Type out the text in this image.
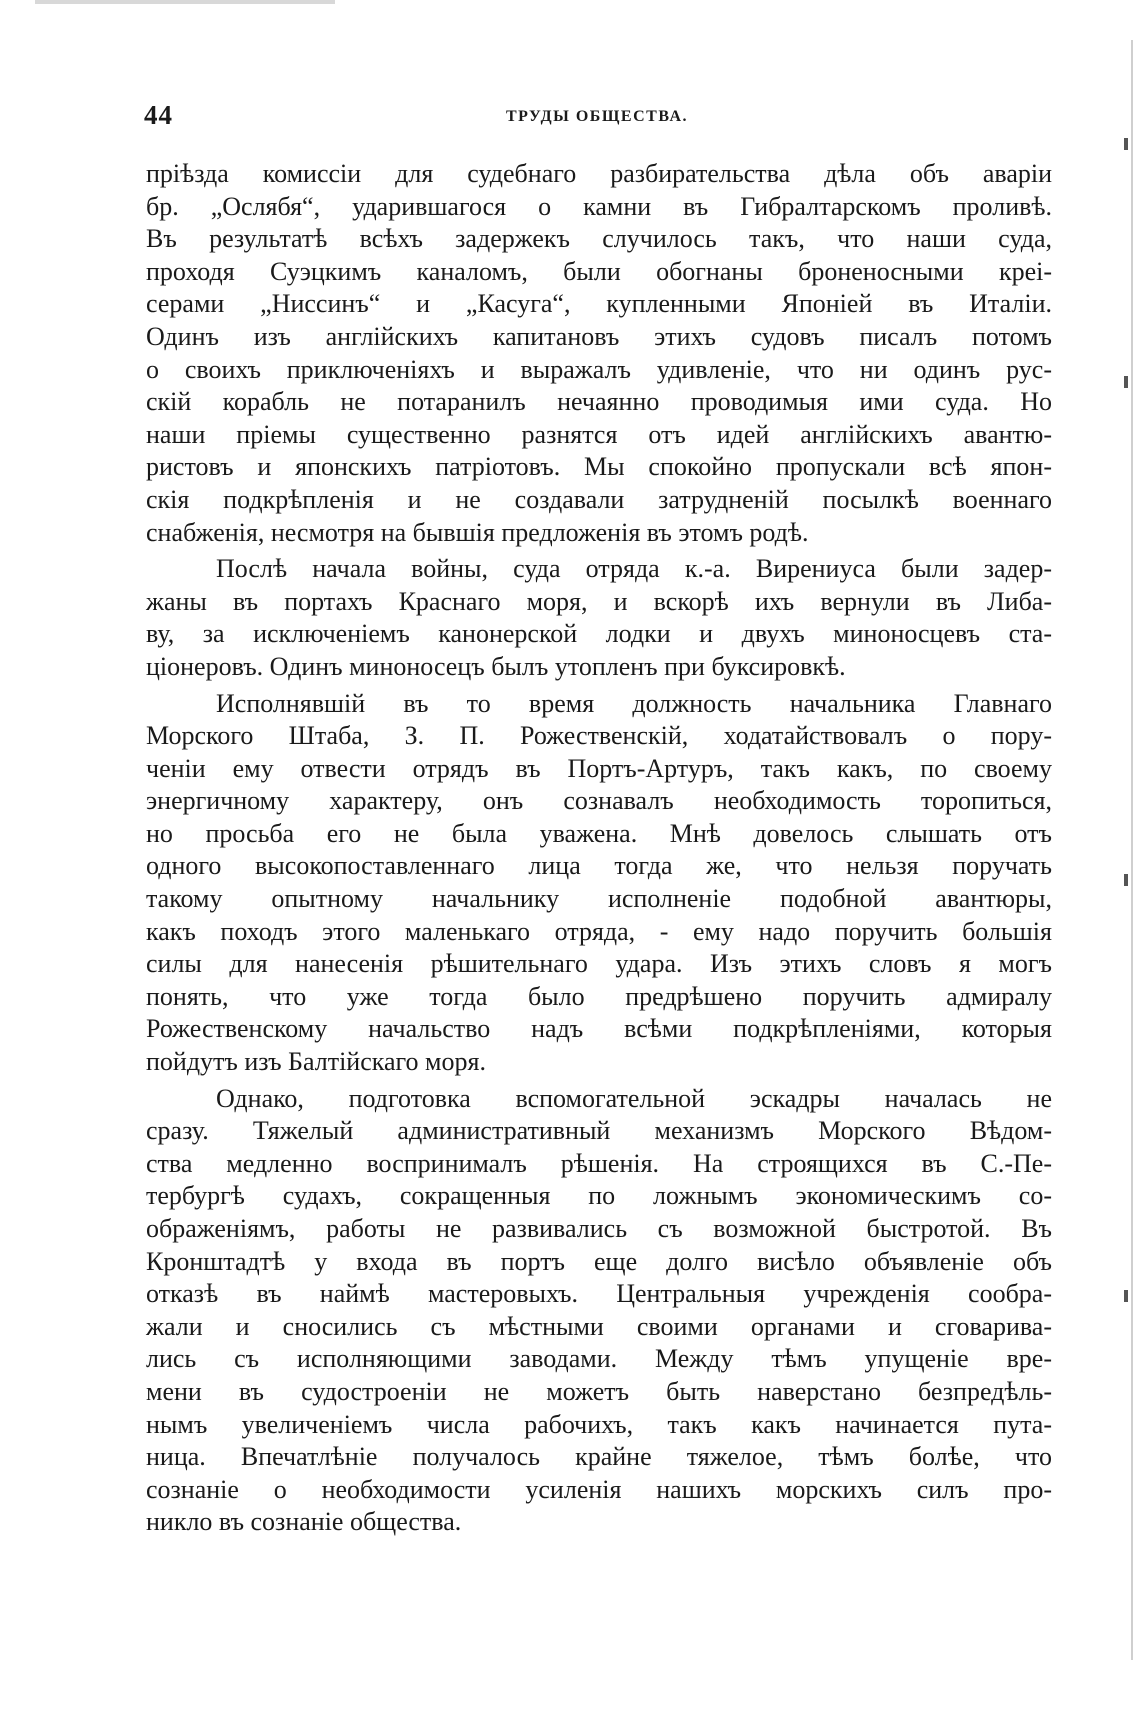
44	ТРУДЫ ОБЩЕСТВА.
пріѣзда комиссіи для судебнаго разбирательства дѣла объ аваріи
бр. „Ослябя“, ударившагося о камни въ Гибралтарскомъ проливѣ.
Въ результатѣ всѣхъ задержекъ случилось такъ, что наши суда,
проходя Суэцкимъ каналомъ, были обогнаны броненосными креі-
серами „Ниссинъ“ и „Касуга“, купленными Японіей въ Италіи.
Одинъ изъ англійскихъ капитановъ этихъ судовъ писалъ потомъ
о своихъ приключеніяхъ и выражалъ удивленіе, что ни одинъ рус-
скій корабль не потаранилъ нечаянно проводимыя ими суда. Но
наши пріемы существенно разнятся отъ идей англійскихъ авантю-
ристовъ и японскихъ патріотовъ. Мы спокойно пропускали всѣ япон-
скія подкрѣпленія и не создавали затрудненій посылкѣ военнаго
снабженія, несмотря на бывшія предложенія въ этомъ родѣ.
Послѣ начала войны, суда отряда к.-а. Вирениуса были задер-
жаны въ портахъ Краснаго моря, и вскорѣ ихъ вернули въ Либа-
ву, за исключеніемъ канонерской лодки и двухъ миноносцевъ ста-
ціонеровъ. Одинъ миноносецъ былъ утопленъ при буксировкѣ.
Исполнявшій въ то время должность начальника Главнаго
Морского Штаба, З. П. Рожественскій, ходатайствовалъ о пору-
ченіи ему отвести отрядъ въ Портъ-Артуръ, такъ какъ, по своему
энергичному характеру, онъ сознавалъ необходимость торопиться,
но просьба его не была уважена. Мнѣ довелось слышать отъ
одного высокопоставленнаго лица тогда же, что нельзя поручать
такому опытному начальнику исполненіе подобной авантюры,
какъ походъ этого маленькаго отряда, - ему надо поручить большія
силы для нанесенія рѣшительнаго удара. Изъ этихъ словъ я могъ
понять, что уже тогда было предрѣшено поручить адмиралу
Рожественскому начальство надъ всѣми подкрѣпленіями, которыя
пойдутъ изъ Балтійскаго моря.
Однако, подготовка вспомогательной эскадры началась не
сразу. Тяжелый административный механизмъ Морского Вѣдом-
ства медленно воспринималъ рѣшенія. На строящихся въ С.-Пе-
тербургѣ судахъ, сокращенныя по ложнымъ экономическимъ со-
ображеніямъ, работы не развивались съ возможной быстротой. Въ
Кронштадтѣ у входа въ портъ еще долго висѣло объявленіе объ
отказѣ въ наймѣ мастеровыхъ. Центральныя учрежденія сообра-
жали и сносились съ мѣстными своими органами и сговарива-
лись съ исполняющими заводами. Между тѣмъ упущеніе вре-
мени въ судостроеніи не можетъ быть наверстано безпредѣль-
нымъ увеличеніемъ числа рабочихъ, такъ какъ начинается пута-
ница. Впечатлѣніе получалось крайне тяжелое, тѣмъ болѣе, что
сознаніе о необходимости усиленія нашихъ морскихъ силъ про-
никло въ сознаніе общества.
